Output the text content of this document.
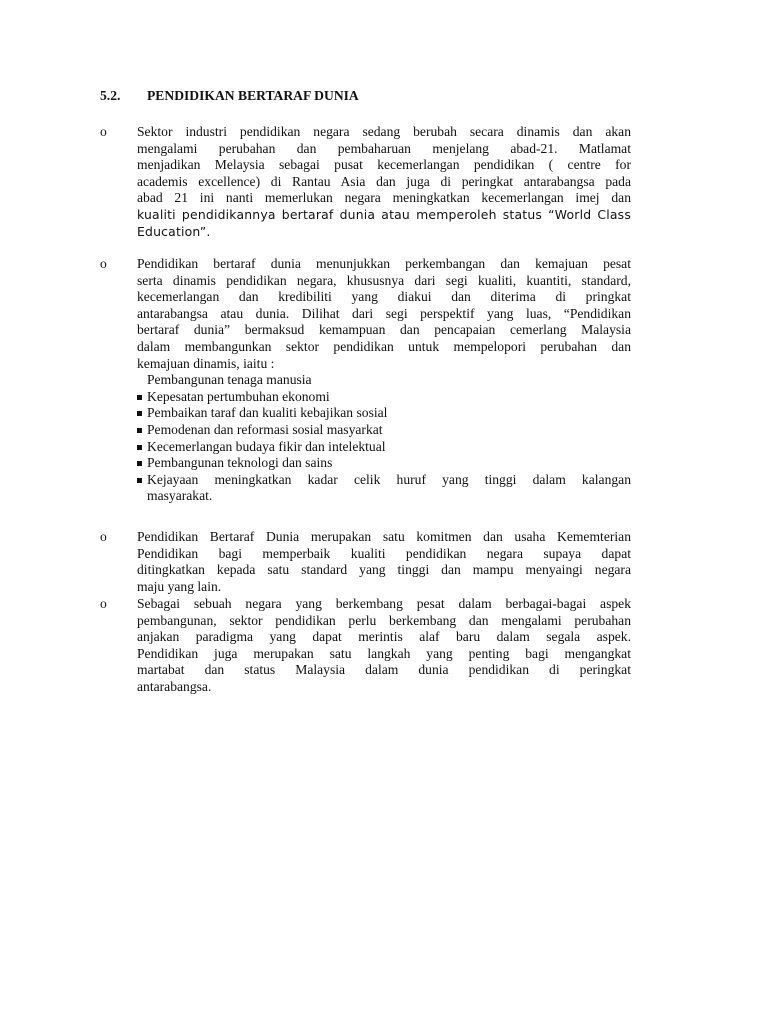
5.2. PENDIDIKAN BERTARAF DUNIA
o	Sektor industri pendidikan negara sedang berubah secara dinamis dan akan
mengalami perubahan dan pembaharuan menjelang abad-21. Matlamat
menjadikan Melaysia sebagai pusat kecemerlangan pendidikan ( centre for
academis excellence) di Rantau Asia dan juga di peringkat antarabangsa pada
abad 21 ini nanti memerlukan negara meningkatkan kecemerlangan imej dan
kualiti pendidikannya bertaraf dunia atau memperoleh status “World Class
Education”.
o	Pendidikan bertaraf dunia menunjukkan perkembangan dan kemajuan pesat
serta dinamis pendidikan negara, khususnya dari segi kualiti, kuantiti, standard,
kecemerlangan dan kredibiliti yang diakui dan diterima di pringkat
antarabangsa atau dunia. Dilihat dari segi perspektif yang luas, “Pendidikan
bertaraf dunia” bermaksud kemampuan dan pencapaian cemerlang Malaysia
dalam membangunkan sektor pendidikan untuk mempelopori perubahan dan
kemajuan dinamis, iaitu :
Pembangunan tenaga manusia
Kepesatan pertumbuhan ekonomi
Pembaikan taraf dan kualiti kebajikan sosial
Pemodenan dan reformasi sosial masyarkat
Kecemerlangan budaya fikir dan intelektual
Pembangunan teknologi dan sains
Kejayaan meningkatkan kadar celik huruf yang tinggi dalam kalangan
masyarakat.
o	Pendidikan Bertaraf Dunia merupakan satu komitmen dan usaha Kememterian
Pendidikan bagi memperbaik kualiti pendidikan negara supaya dapat
ditingkatkan kepada satu standard yang tinggi dan mampu menyaingi negara
maju yang lain.
o	Sebagai sebuah negara yang berkembang pesat dalam berbagai-bagai aspek
pembangunan, sektor pendidikan perlu berkembang dan mengalami perubahan
anjakan paradigma yang dapat merintis alaf baru dalam segala aspek.
Pendidikan juga merupakan satu langkah yang penting bagi mengangkat
martabat dan status Malaysia dalam dunia pendidikan di peringkat
antarabangsa.
